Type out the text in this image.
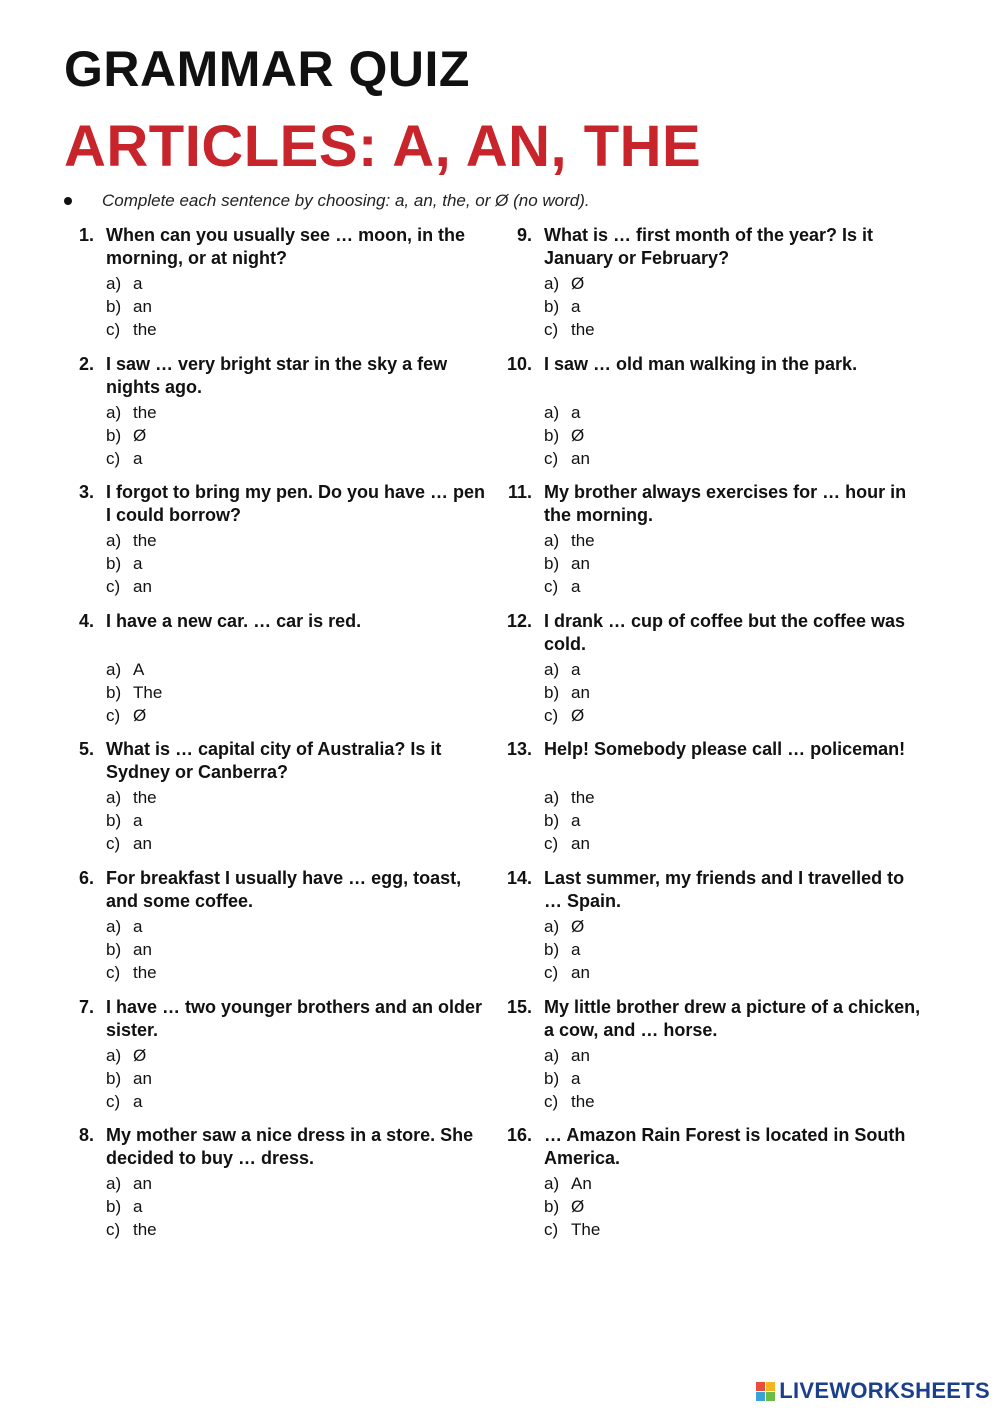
GRAMMAR QUIZ
ARTICLES: A, AN, THE
Complete each sentence by choosing: a, an, the, or Ø (no word).
1. When can you usually see … moon, in the morning, or at night?
a) a
b) an
c) the
2. I saw … very bright star in the sky a few nights ago.
a) the
b) Ø
c) a
3. I forgot to bring my pen. Do you have … pen I could borrow?
a) the
b) a
c) an
4. I have a new car. … car is red.
a) A
b) The
c) Ø
5. What is … capital city of Australia? Is it Sydney or Canberra?
a) the
b) a
c) an
6. For breakfast I usually have … egg, toast, and some coffee.
a) a
b) an
c) the
7. I have … two younger brothers and an older sister.
a) Ø
b) an
c) a
8. My mother saw a nice dress in a store. She decided to buy … dress.
a) an
b) a
c) the
9. What is … first month of the year? Is it January or February?
a) Ø
b) a
c) the
10. I saw … old man walking in the park.
a) a
b) Ø
c) an
11. My brother always exercises for … hour in the morning.
a) the
b) an
c) a
12. I drank … cup of coffee but the coffee was cold.
a) a
b) an
c) Ø
13. Help! Somebody please call … policeman!
a) the
b) a
c) an
14. Last summer, my friends and I travelled to … Spain.
a) Ø
b) a
c) an
15. My little brother drew a picture of a chicken, a cow, and … horse.
a) an
b) a
c) the
16. … Amazon Rain Forest is located in South America.
a) An
b) Ø
c) The
LIVEWORKSHEETS
